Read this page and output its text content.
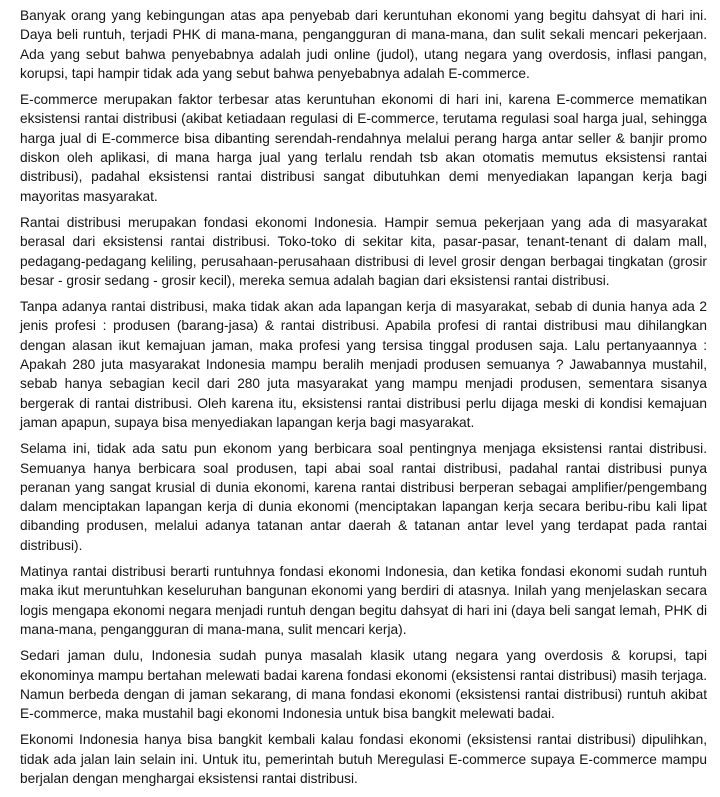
Banyak orang yang kebingungan atas apa penyebab dari keruntuhan ekonomi yang begitu dahsyat di hari ini. Daya beli runtuh, terjadi PHK di mana-mana, pengangguran di mana-mana, dan sulit sekali mencari pekerjaan. Ada yang sebut bahwa penyebabnya adalah judi online (judol), utang negara yang overdosis, inflasi pangan, korupsi, tapi hampir tidak ada yang sebut bahwa penyebabnya adalah E-commerce.

E-commerce merupakan faktor terbesar atas keruntuhan ekonomi di hari ini, karena E-commerce mematikan eksistensi rantai distribusi (akibat ketiadaan regulasi di E-commerce, terutama regulasi soal harga jual, sehingga harga jual di E-commerce bisa dibanting serendah-rendahnya melalui perang harga antar seller & banjir promo diskon oleh aplikasi, di mana harga jual yang terlalu rendah tsb akan otomatis memutus eksistensi rantai distribusi), padahal eksistensi rantai distribusi sangat dibutuhkan demi menyediakan lapangan kerja bagi mayoritas masyarakat.

Rantai distribusi merupakan fondasi ekonomi Indonesia. Hampir semua pekerjaan yang ada di masyarakat berasal dari eksistensi rantai distribusi. Toko-toko di sekitar kita, pasar-pasar, tenant-tenant di dalam mall, pedagang-pedagang keliling, perusahaan-perusahaan distribusi di level grosir dengan berbagai tingkatan (grosir besar - grosir sedang - grosir kecil), mereka semua adalah bagian dari eksistensi rantai distribusi.

Tanpa adanya rantai distribusi, maka tidak akan ada lapangan kerja di masyarakat, sebab di dunia hanya ada 2 jenis profesi : produsen (barang-jasa) & rantai distribusi. Apabila profesi di rantai distribusi mau dihilangkan dengan alasan ikut kemajuan jaman, maka profesi yang tersisa tinggal produsen saja. Lalu pertanyaannya : Apakah 280 juta masyarakat Indonesia mampu beralih menjadi produsen semuanya ? Jawabannya mustahil, sebab hanya sebagian kecil dari 280 juta masyarakat yang mampu menjadi produsen, sementara sisanya bergerak di rantai distribusi. Oleh karena itu, eksistensi rantai distribusi perlu dijaga meski di kondisi kemajuan jaman apapun, supaya bisa menyediakan lapangan kerja bagi masyarakat.

Selama ini, tidak ada satu pun ekonom yang berbicara soal pentingnya menjaga eksistensi rantai distribusi. Semuanya hanya berbicara soal produsen, tapi abai soal rantai distribusi, padahal rantai distribusi punya peranan yang sangat krusial di dunia ekonomi, karena rantai distribusi berperan sebagai amplifier/pengembang dalam menciptakan lapangan kerja di dunia ekonomi (menciptakan lapangan kerja secara beribu-ribu kali lipat dibanding produsen, melalui adanya tatanan antar daerah & tatanan antar level yang terdapat pada rantai distribusi).

Matinya rantai distribusi berarti runtuhnya fondasi ekonomi Indonesia, dan ketika fondasi ekonomi sudah runtuh maka ikut meruntuhkan keseluruhan bangunan ekonomi yang berdiri di atasnya. Inilah yang menjelaskan secara logis mengapa ekonomi negara menjadi runtuh dengan begitu dahsyat di hari ini (daya beli sangat lemah, PHK di mana-mana, pengangguran di mana-mana, sulit mencari kerja).

Sedari jaman dulu, Indonesia sudah punya masalah klasik utang negara yang overdosis & korupsi, tapi ekonominya mampu bertahan melewati badai karena fondasi ekonomi (eksistensi rantai distribusi) masih terjaga. Namun berbeda dengan di jaman sekarang, di mana fondasi ekonomi (eksistensi rantai distribusi) runtuh akibat E-commerce, maka mustahil bagi ekonomi Indonesia untuk bisa bangkit melewati badai.

Ekonomi Indonesia hanya bisa bangkit kembali kalau fondasi ekonomi (eksistensi rantai distribusi) dipulihkan, tidak ada jalan lain selain ini. Untuk itu, pemerintah butuh Meregulasi E-commerce supaya E-commerce mampu berjalan dengan menghargai eksistensi rantai distribusi.
